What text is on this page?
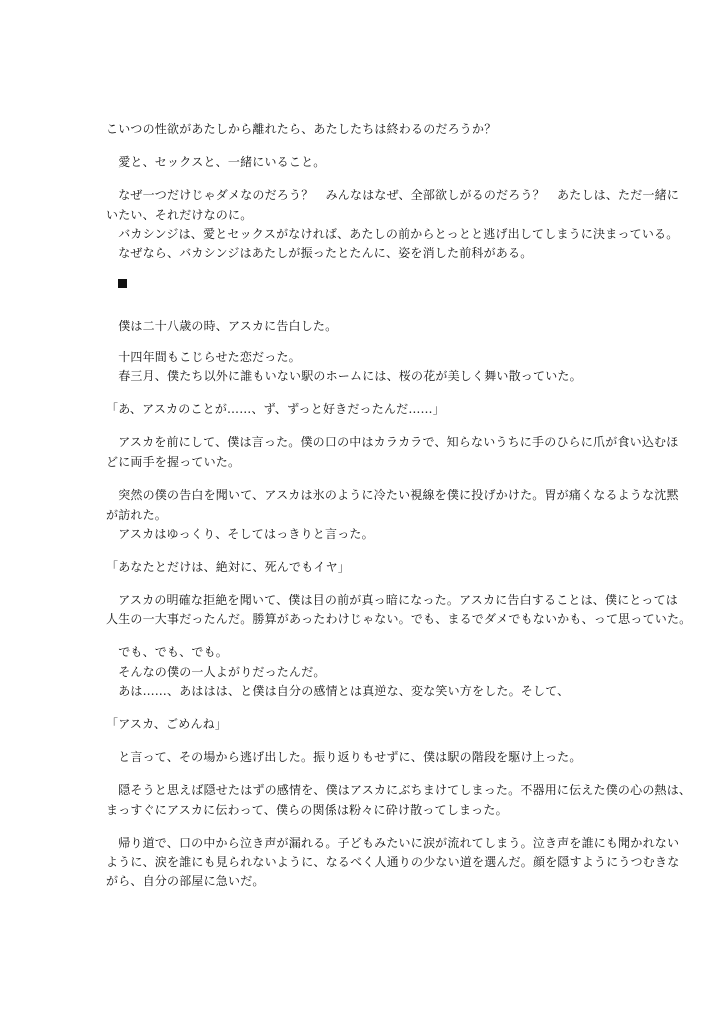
こいつの性欲があたしから離れたら、あたしたちは終わるのだろうか？
　愛と、セックスと、一緒にいること。
　なぜ一つだけじゃダメなのだろう？　みんなはなぜ、全部欲しがるのだろう？　あたしは、ただ一緒に
いたい、それだけなのに。
　バカシンジは、愛とセックスがなければ、あたしの前からとっとと逃げ出してしまうに決まっている。
　なぜなら、バカシンジはあたしが振ったとたんに、姿を消した前科がある。
　僕は二十八歳の時、アスカに告白した。
　十四年間もこじらせた恋だった。
　春三月、僕たち以外に誰もいない駅のホームには、桜の花が美しく舞い散っていた。
「あ、アスカのことが……、ず、ずっと好きだったんだ……」
　アスカを前にして、僕は言った。僕の口の中はカラカラで、知らないうちに手のひらに爪が食い込むほ
どに両手を握っていた。
　突然の僕の告白を聞いて、アスカは氷のように冷たい視線を僕に投げかけた。胃が痛くなるような沈黙
が訪れた。
　アスカはゆっくり、そしてはっきりと言った。
「あなたとだけは、絶対に、死んでもイヤ」
　アスカの明確な拒絶を聞いて、僕は目の前が真っ暗になった。アスカに告白することは、僕にとっては
人生の一大事だったんだ。勝算があったわけじゃない。でも、まるでダメでもないかも、って思っていた。
　でも、でも、でも。
　そんなの僕の一人よがりだったんだ。
　あは……、あははは、と僕は自分の感情とは真逆な、変な笑い方をした。そして、
「アスカ、ごめんね」
　と言って、その場から逃げ出した。振り返りもせずに、僕は駅の階段を駆け上った。
　隠そうと思えば隠せたはずの感情を、僕はアスカにぶちまけてしまった。不器用に伝えた僕の心の熱は、
まっすぐにアスカに伝わって、僕らの関係は粉々に砕け散ってしまった。
　帰り道で、口の中から泣き声が漏れる。子どもみたいに涙が流れてしまう。泣き声を誰にも聞かれない
ように、涙を誰にも見られないように、なるべく人通りの少ない道を選んだ。顔を隠すようにうつむきな
がら、自分の部屋に急いだ。
